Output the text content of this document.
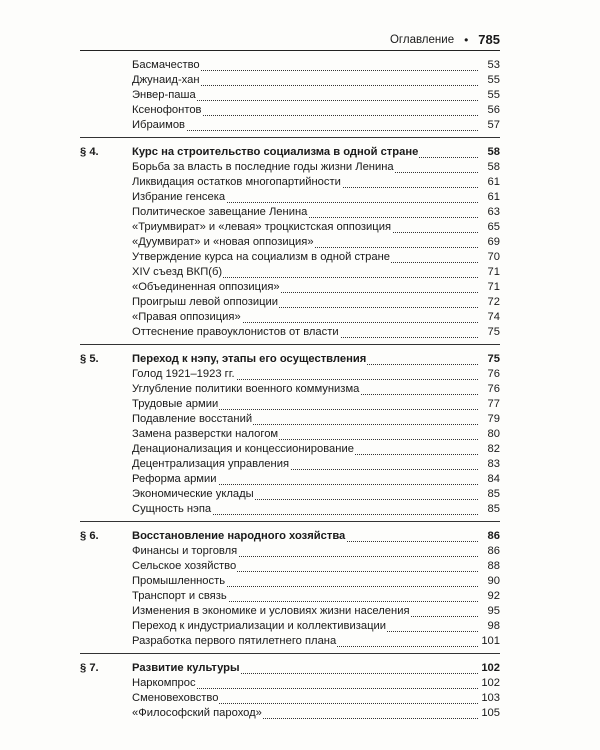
Оглавление • 785
Басмачество	53
Джунаид-хан	55
Энвер-паша	55
Ксенофонтов	56
Ибраимов	57
§ 4.	Курс на строительство социализма в одной стране	58
Борьба за власть в последние годы жизни Ленина	58
Ликвидация остатков многопартийности	61
Избрание генсека	61
Политическое завещание Ленина	63
«Триумвират» и «левая» троцкистская оппозиция	65
«Дуумвират» и «новая оппозиция»	69
Утверждение курса на социализм в одной стране	70
XIV съезд ВКП(б)	71
«Объединенная оппозиция»	71
Проигрыш левой оппозиции	72
«Правая оппозиция»	74
Оттеснение правоуклонистов от власти	75
§ 5.	Переход к нэпу, этапы его осуществления	75
Голод 1921–1923 гг.	76
Углубление политики военного коммунизма	76
Трудовые армии	77
Подавление восстаний	79
Замена разверстки налогом	80
Денационализация и концессионирование	82
Децентрализация управления	83
Реформа армии	84
Экономические уклады	85
Сущность нэпа	85
§ 6.	Восстановление народного хозяйства	86
Финансы и торговля	86
Сельское хозяйство	88
Промышленность	90
Транспорт и связь	92
Изменения в экономике и условиях жизни населения	95
Переход к индустриализации и коллективизации	98
Разработка первого пятилетнего плана	101
§ 7.	Развитие культуры	102
Наркомпрос	102
Сменовеховство	103
«Философский пароход»	105
